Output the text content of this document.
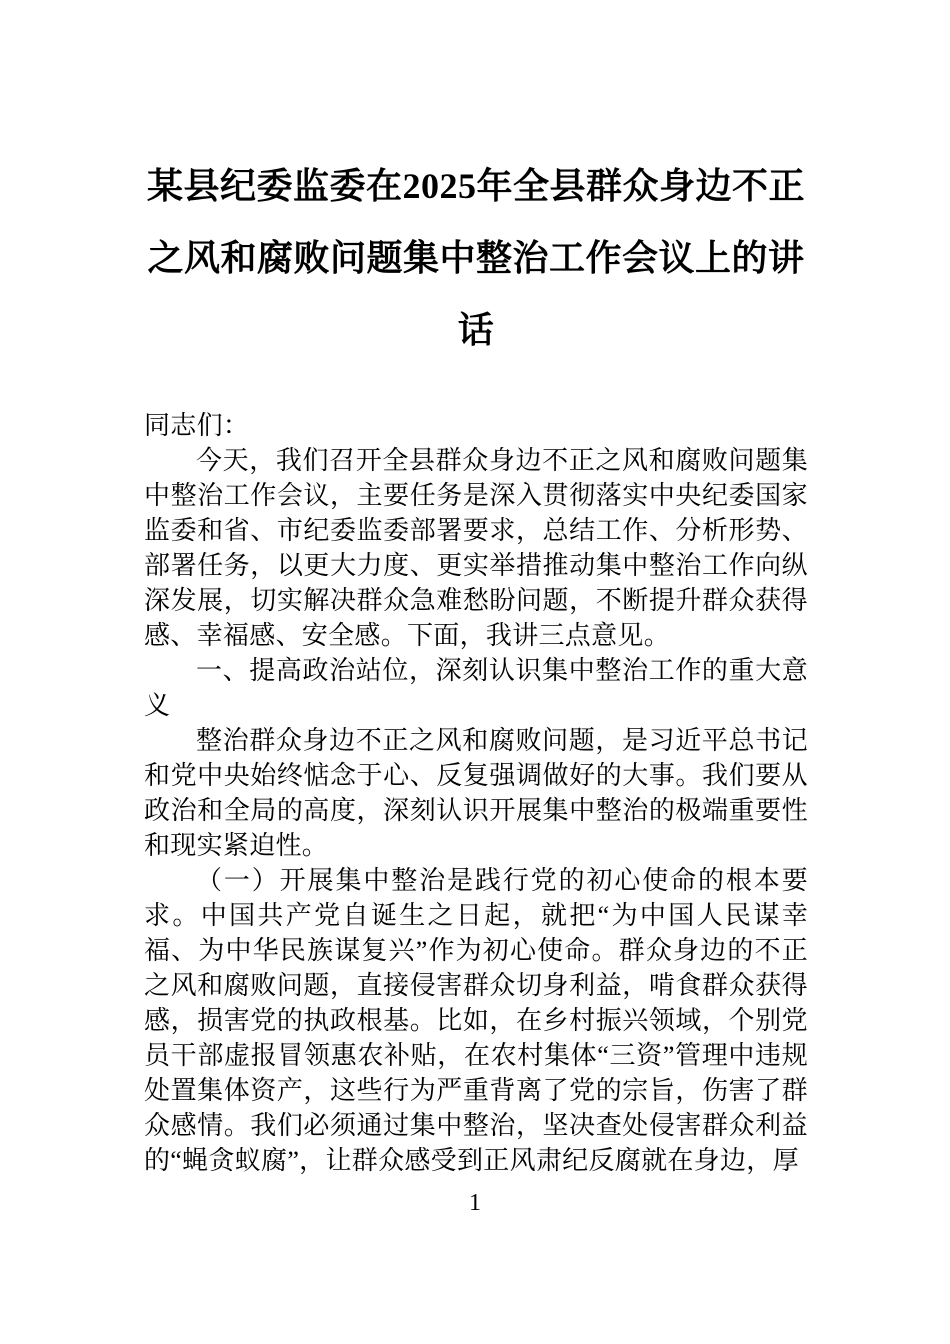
某县纪委监委在2025年全县群众身边不正之风和腐败问题集中整治工作会议上的讲话

同志们：

今天，我们召开全县群众身边不正之风和腐败问题集中整治工作会议，主要任务是深入贯彻落实中央纪委国家监委和省、市纪委监委部署要求，总结工作、分析形势、部署任务，以更大力度、更实举措推动集中整治工作向纵深发展，切实解决群众急难愁盼问题，不断提升群众获得感、幸福感、安全感。下面，我讲三点意见。

一、提高政治站位，深刻认识集中整治工作的重大意义

整治群众身边不正之风和腐败问题，是习近平总书记和党中央始终惦念于心、反复强调做好的大事。我们要从政治和全局的高度，深刻认识开展集中整治的极端重要性和现实紧迫性。

（一）开展集中整治是践行党的初心使命的根本要求。中国共产党自诞生之日起，就把“为中国人民谋幸福、为中华民族谋复兴”作为初心使命。群众身边的不正之风和腐败问题，直接侵害群众切身利益，啃食群众获得感，损害党的执政根基。比如，在乡村振兴领域，个别党员干部虚报冒领惠农补贴，在农村集体“三资”管理中违规处置集体资产，这些行为严重背离了党的宗旨，伤害了群众感情。我们必须通过集中整治，坚决查处侵害群众利益的“蝇贪蚁腐”，让群众感受到正风肃纪反腐就在身边，厚

1
